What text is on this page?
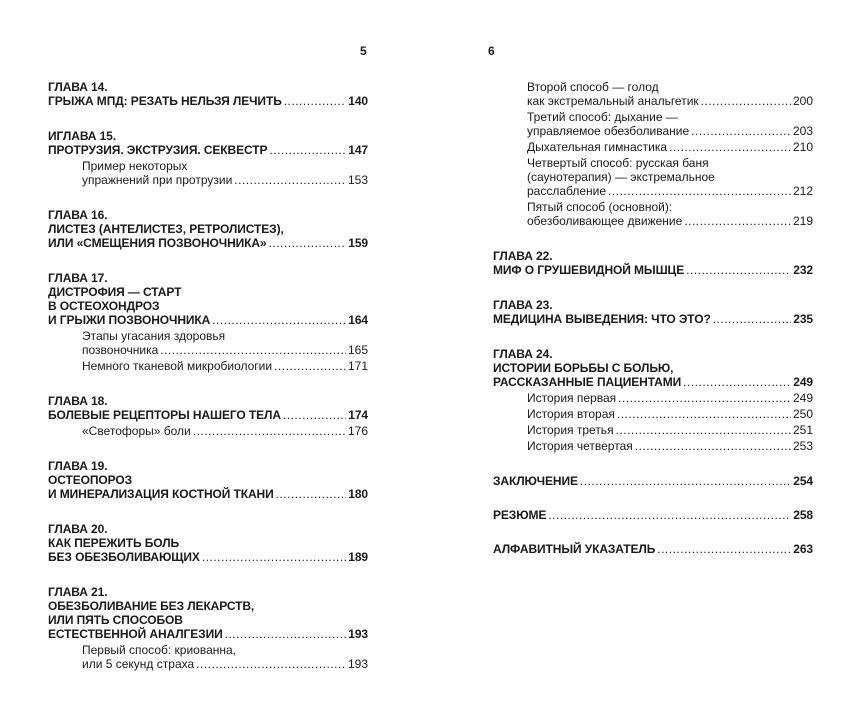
5	6
ГЛАВА 14.
ГРЫЖА МПД: РЕЗАТЬ НЕЛЬЗЯ ЛЕЧИТЬ .....	140
ИГЛАВА 15.
ПРОТРУЗИЯ. ЭКСТРУЗИЯ. СЕКВЕСТР .....	147
Пример некоторых
упражнений при протрузии .....	153
ГЛАВА 16.
ЛИСТЕЗ (АНТЕЛИСТЕЗ, РЕТРОЛИСТЕЗ),
ИЛИ «СМЕЩЕНИЯ ПОЗВОНОЧНИКА» .....	159
ГЛАВА 17.
ДИСТРОФИЯ — СТАРТ
В ОСТЕОХОНДРОЗ
И ГРЫЖИ ПОЗВОНОЧНИКА .....	164
Этапы угасания здоровья
позвоночника .....	165
Немного тканевой микробиологии .....	171
ГЛАВА 18.
БОЛЕВЫЕ РЕЦЕПТОРЫ НАШЕГО ТЕЛА .....	174
«Светофоры» боли .....	176
ГЛАВА 19.
ОСТЕОПОРОЗ
И МИНЕРАЛИЗАЦИЯ КОСТНОЙ ТКАНИ .....	180
ГЛАВА 20.
КАК ПЕРЕЖИТЬ БОЛЬ
БЕЗ ОБЕЗБОЛИВАЮЩИХ .....	189
ГЛАВА 21.
ОБЕЗБОЛИВАНИЕ БЕЗ ЛЕКАРСТВ,
ИЛИ ПЯТЬ СПОСОБОВ
ЕСТЕСТВЕННОЙ АНАЛГЕЗИИ .....	193
Первый способ: криованна,
или 5 секунд страха .....	193
Второй способ — голод
как экстремальный анальгетик .....	200
Третий способ: дыхание —
управляемое обезболивание .....	203
Дыхательная гимнастика .....	210
Четвертый способ: русская баня
(саунотерапия) — экстремальное
расслабление .....	212
Пятый способ (основной):
обезболивающее движение .....	219
ГЛАВА 22.
МИФ О ГРУШЕВИДНОЙ МЫШЦЕ .....	232
ГЛАВА 23.
МЕДИЦИНА ВЫВЕДЕНИЯ: ЧТО ЭТО? .....	235
ГЛАВА 24.
ИСТОРИИ БОРЬБЫ С БОЛЬЮ,
РАССКАЗАННЫЕ ПАЦИЕНТАМИ .....	249
История первая .....	249
История вторая .....	250
История третья .....	251
История четвертая .....	253
ЗАКЛЮЧЕНИЕ .....	254
РЕЗЮМЕ .....	258
АЛФАВИТНЫЙ УКАЗАТЕЛЬ .....	263
